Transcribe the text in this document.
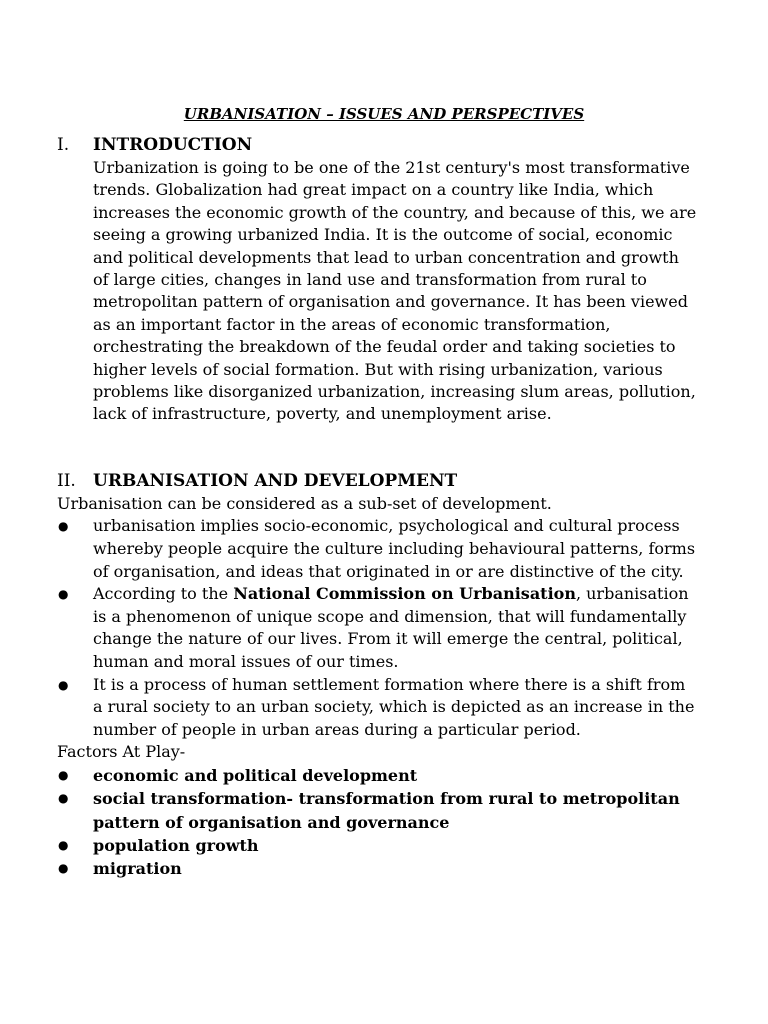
URBANISATION – ISSUES AND PERSPECTIVES
I. INTRODUCTION

Urbanization is going to be one of the 21st century's most transformative trends. Globalization had great impact on a country like India, which increases the economic growth of the country, and because of this, we are seeing a growing urbanized India. It is the outcome of social, economic and political developments that lead to urban concentration and growth of large cities, changes in land use and transformation from rural to metropolitan pattern of organisation and governance. It has been viewed as an important factor in the areas of economic transformation, orchestrating the breakdown of the feudal order and taking societies to higher levels of social formation. But with rising urbanization, various problems like disorganized urbanization, increasing slum areas, pollution, lack of infrastructure, poverty, and unemployment arise.

II. URBANISATION AND DEVELOPMENT

Urbanisation can be considered as a sub-set of development.

● urbanisation implies socio-economic, psychological and cultural process whereby people acquire the culture including behavioural patterns, forms of organisation, and ideas that originated in or are distinctive of the city.
● According to the National Commission on Urbanisation, urbanisation is a phenomenon of unique scope and dimension, that will fundamentally change the nature of our lives. From it will emerge the central, political, human and moral issues of our times.
● It is a process of human settlement formation where there is a shift from a rural society to an urban society, which is depicted as an increase in the number of people in urban areas during a particular period.

Factors At Play-

● economic and political development
● social transformation- transformation from rural to metropolitan pattern of organisation and governance
● population growth
● migration
